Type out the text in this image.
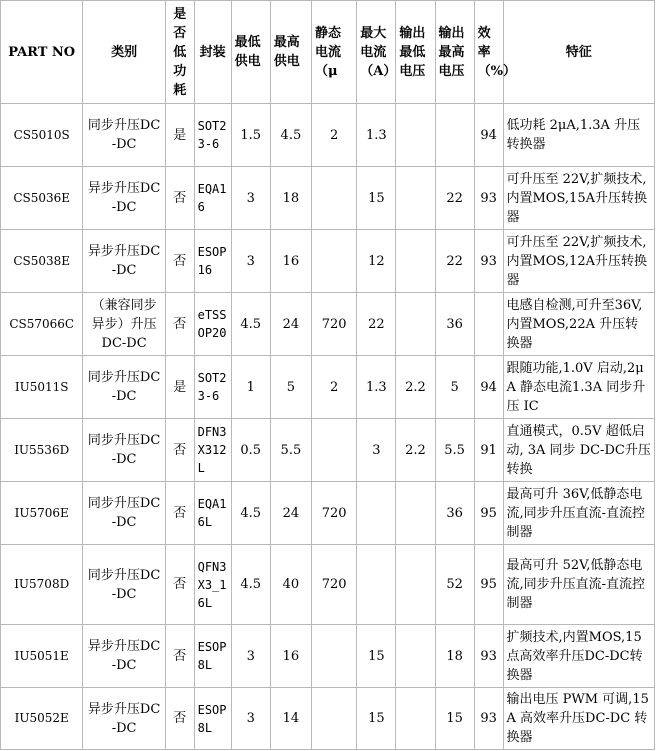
PART NO	类别	是否低功耗	封装	最低供电	最高供电	静态电流（μ	最大电流（A）	输出最低电压	输出最高电压	效率（%）	特征
CS5010S	同步升压DC-DC	是	SOT23-6	1.5	4.5	2	1.3			94	低功耗 2μA,1.3A 升压转换器
CS5036E	异步升压DC-DC	否	EQA16	3	18		15		22	93	可升压至 22V,扩频技术,内置MOS,15A升压转换器
CS5038E	异步升压DC-DC	否	ESOP16	3	16		12		22	93	可升压至 22V,扩频技术,内置MOS,12A升压转换器
CS57066C	（兼容同步异步）升压DC-DC	否	eTSSOP20	4.5	24	720	22		36		电感自检测,可升至36V,内置MOS,22A 升压转换器
IU5011S	同步升压DC-DC	是	SOT23-6	1	5	2	1.3	2.2	5	94	跟随功能,1.0V 启动,2μA 静态电流1.3A 同步升压 IC
IU5536D	同步升压DC-DC	否	DFN3X312L	0.5	5.5		3	2.2	5.5	91	直通模式，0.5V 超低启动, 3A 同步 DC-DC升压转换
IU5706E	同步升压DC-DC	否	EQA16L	4.5	24	720			36	95	最高可升 36V,低静态电流,同步升压直流-直流控制器
IU5708D	同步升压DC-DC	否	QFN3X3_16L	4.5	40	720			52	95	最高可升 52V,低静态电流,同步升压直流-直流控制器
IU5051E	异步升压DC-DC	否	ESOP8L	3	16		15		18	93	扩频技术,内置MOS,15 点高效率升压DC-DC转换器
IU5052E	异步升压DC-DC	否	ESOP8L	3	14		15		15	93	输出电压 PWM 可调,15A 高效率升压DC-DC 转换器
